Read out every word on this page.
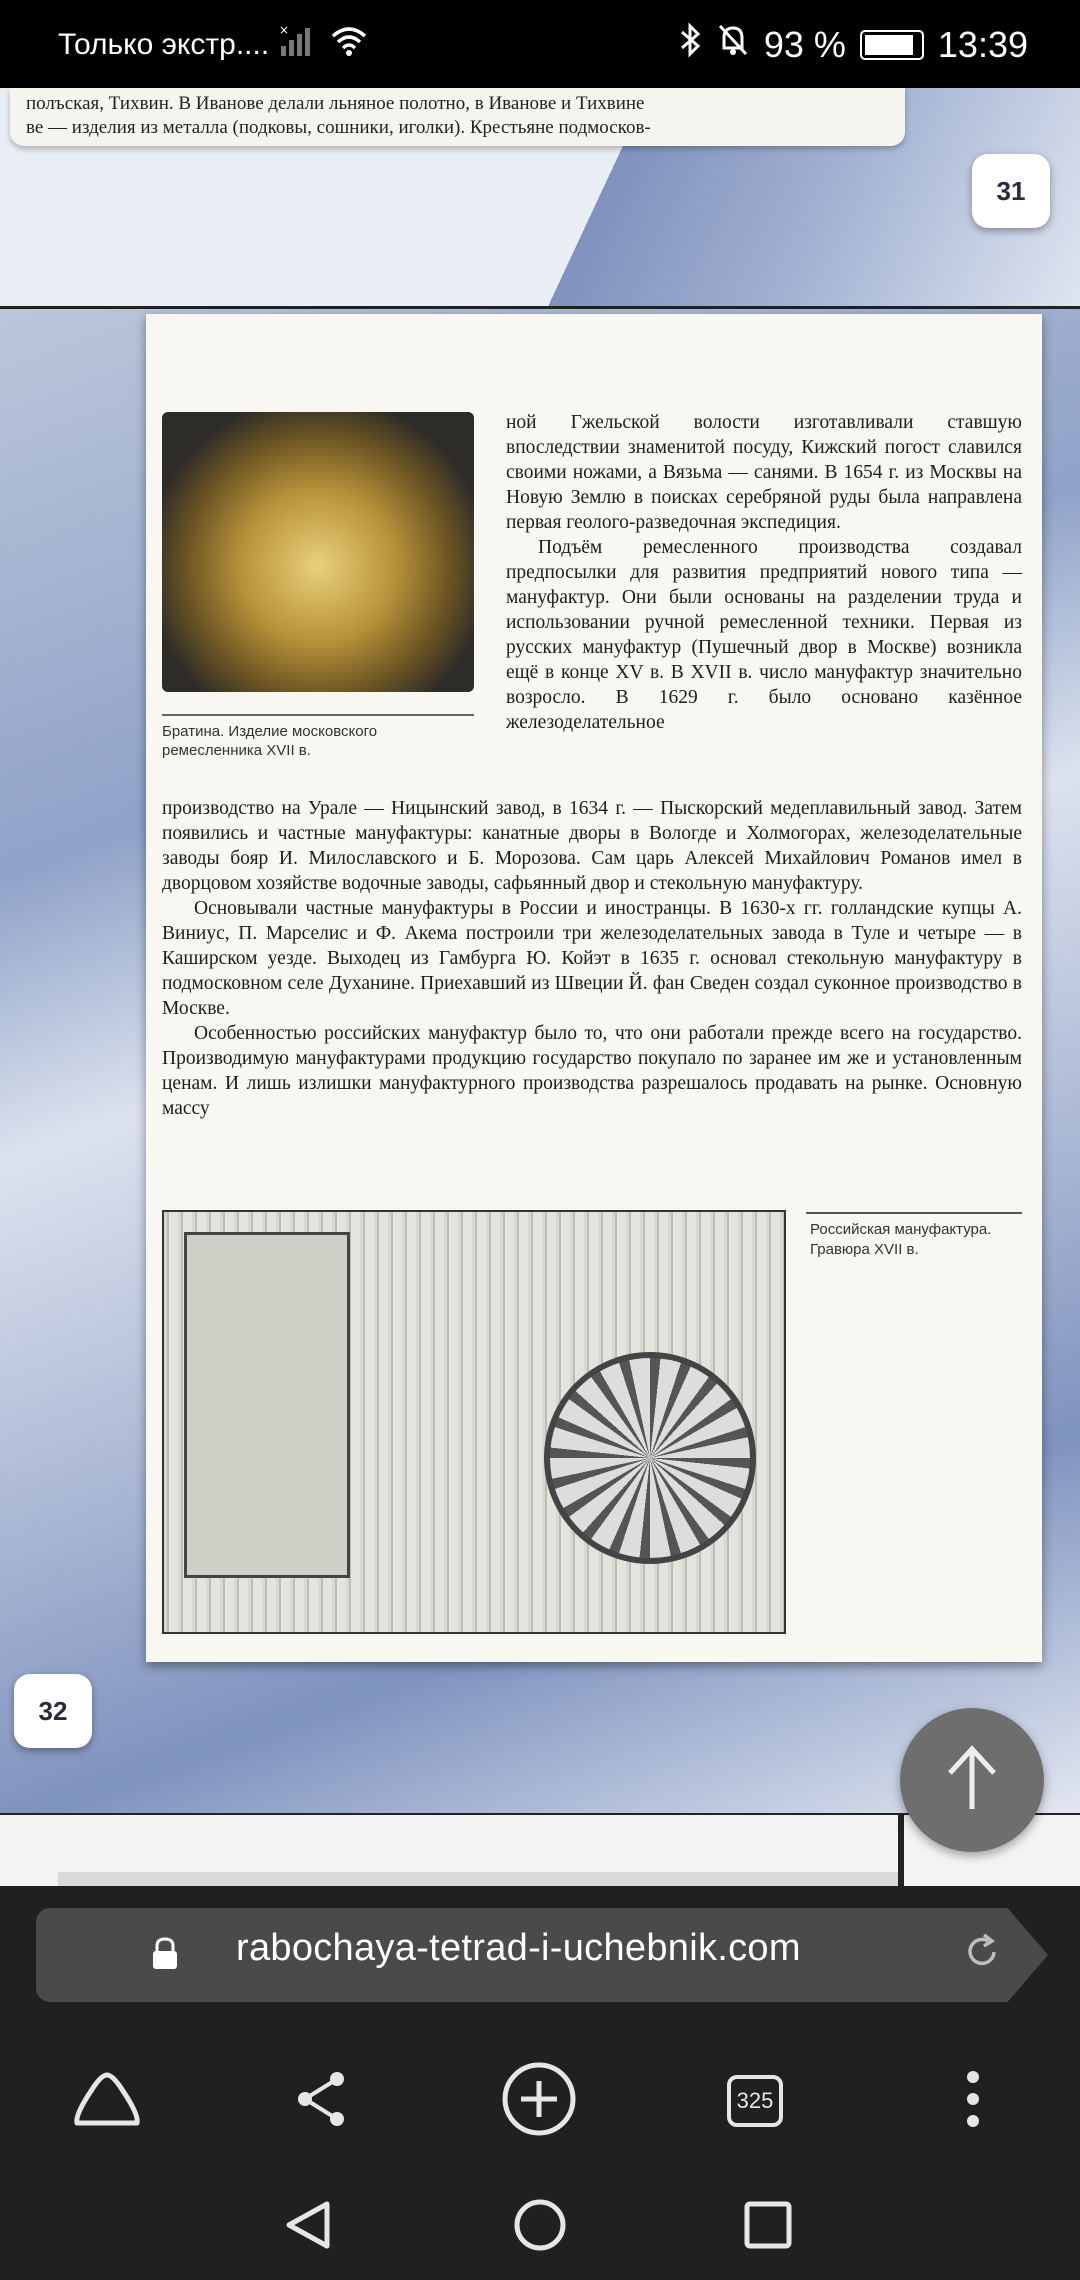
Только экстр.... ×	93 %	13:39
полъская, Тихвин. В Иванове делали льняное полотно, в Иванове и Тихвине
ве — изделия из металла (подковы, сошники, иголки). Крестьяне подмосков-
31
Братина. Изделие московского ремесленника XVII в.
ной Гжельской волости изготавливали ставшую впоследствии знаменитой посуду, Кижский погост славился своими ножами, а Вязьма — санями. В 1654 г. из Москвы на Новую Землю в поисках серебряной руды была направлена первая геолого-разведочная экспедиция.
Подъём ремесленного производства создавал предпосылки для развития предприятий нового типа — мануфактур. Они были основаны на разделении труда и использовании ручной ремесленной техники. Первая из русских мануфактур (Пушечный двор в Москве) возникла ещё в конце XV в. В XVII в. число мануфактур значительно возросло. В 1629 г. было основано казённое железоделательное
производство на Урале — Ницынский завод, в 1634 г. — Пыскорский медеплавильный завод. Затем появились и частные мануфактуры: канатные дворы в Вологде и Холмогорах, железоделательные заводы бояр И. Милославского и Б. Морозова. Сам царь Алексей Михайлович Романов имел в дворцовом хозяйстве водочные заводы, сафьянный двор и стекольную мануфактуру.
Основывали частные мануфактуры в России и иностранцы. В 1630-х гг. голландские купцы А. Виниус, П. Марселис и Ф. Акема построили три железоделательных завода в Туле и четыре — в Каширском уезде. Выходец из Гамбурга Ю. Койэт в 1635 г. основал стекольную мануфактуру в подмосковном селе Духанине. Приехавший из Швеции Й. фан Сведен создал суконное производство в Москве.
Особенностью российских мануфактур было то, что они работали прежде всего на государство. Производимую мануфактурами продукцию государство покупало по заранее им же и установленным ценам. И лишь излишки мануфактурного производства разрешалось продавать на рынке. Основную массу
Российская мануфактура. Гравюра XVII в.
32
rabochaya-tetrad-i-uchebnik.com
325
